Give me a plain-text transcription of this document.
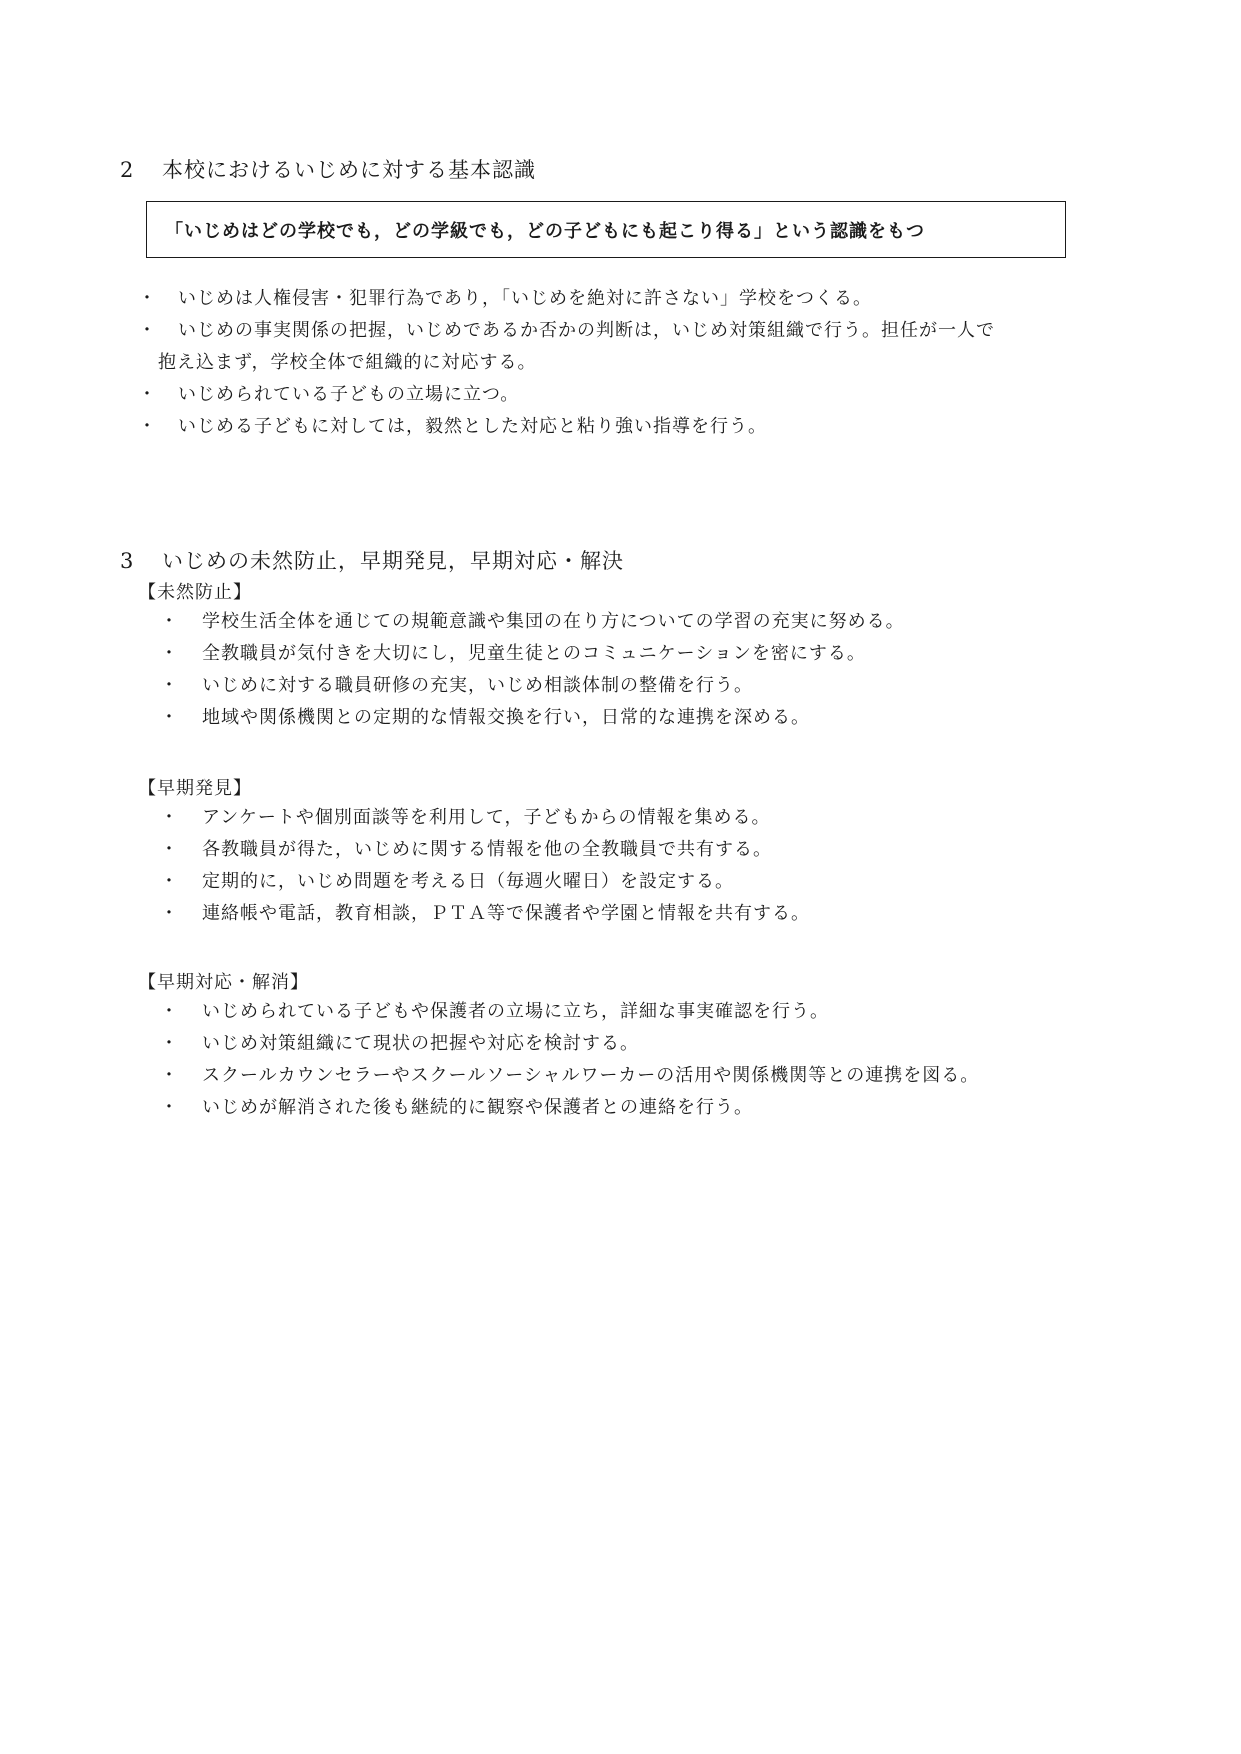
2 本校におけるいじめに対する基本認識
「いじめはどの学校でも，どの学級でも，どの子どもにも起こり得る」という認識をもつ
・	いじめは人権侵害・犯罪行為であり，「いじめを絶対に許さない」学校をつくる。
・	いじめの事実関係の把握，いじめであるか否かの判断は，いじめ対策組織で行う。担任が一人で
抱え込まず，学校全体で組織的に対応する。
・	いじめられている子どもの立場に立つ。
・	いじめる子どもに対しては，毅然とした対応と粘り強い指導を行う。
3 いじめの未然防止，早期発見，早期対応・解決
【未然防止】
・	学校生活全体を通じての規範意識や集団の在り方についての学習の充実に努める。
・	全教職員が気付きを大切にし，児童生徒とのコミュニケーションを密にする。
・	いじめに対する職員研修の充実，いじめ相談体制の整備を行う。
・	地域や関係機関との定期的な情報交換を行い，日常的な連携を深める。
【早期発見】
・	アンケートや個別面談等を利用して，子どもからの情報を集める。
・	各教職員が得た，いじめに関する情報を他の全教職員で共有する。
・	定期的に，いじめ問題を考える日（毎週火曜日）を設定する。
・	連絡帳や電話，教育相談，ＰＴＡ等で保護者や学園と情報を共有する。
【早期対応・解消】
・	いじめられている子どもや保護者の立場に立ち，詳細な事実確認を行う。
・	いじめ対策組織にて現状の把握や対応を検討する。
・	スクールカウンセラーやスクールソーシャルワーカーの活用や関係機関等との連携を図る。
・	いじめが解消された後も継続的に観察や保護者との連絡を行う。
